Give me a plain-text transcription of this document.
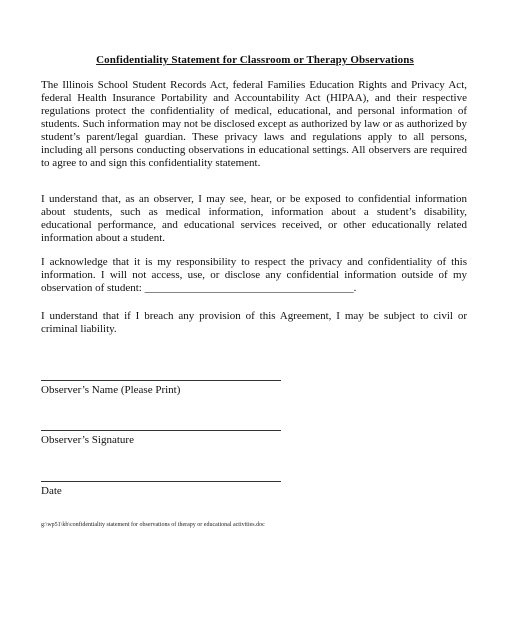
Confidentiality Statement for Classroom or Therapy Observations

The Illinois School Student Records Act, federal Families Education Rights and Privacy Act, federal Health Insurance Portability and Accountability Act (HIPAA), and their respective regulations protect the confidentiality of medical, educational, and personal information of students. Such information may not be disclosed except as authorized by law or as authorized by student’s parent/legal guardian. These privacy laws and regulations apply to all persons, including all persons conducting observations in educational settings. All observers are required to agree to and sign this confidentiality statement.

I understand that, as an observer, I may see, hear, or be exposed to confidential information about students, such as medical information, information about a student’s disability, educational performance, and educational services received, or other educationally related information about a student.

I acknowledge that it is my responsibility to respect the privacy and confidentiality of this information. I will not access, use, or disclose any confidential information outside of my observation of student: ______________________________________.

I understand that if I breach any provision of this Agreement, I may be subject to civil or criminal liability.

Observer’s Name (Please Print)
Observer’s Signature
Date
g:\wp51\kb\confidentiality statement for observations of therapy or educational activities.doc
